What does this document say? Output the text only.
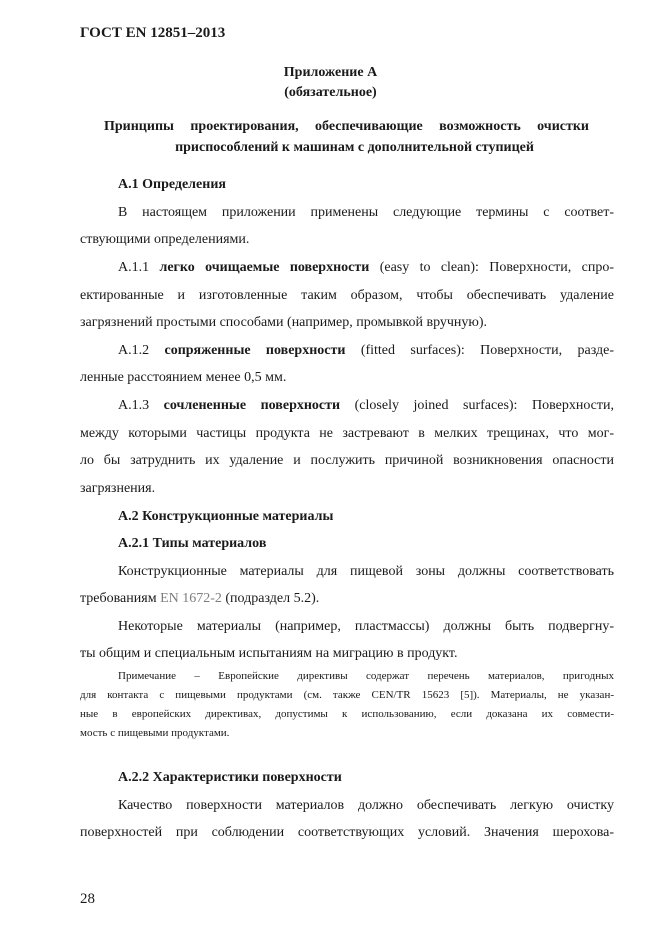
ГОСТ EN 12851–2013
Приложение А
(обязательное)
Принципы проектирования, обеспечивающие возможность очистки
приспособлений к машинам с дополнительной ступицей
А.1 Определения
В настоящем приложении применены следующие термины с соответ-
ствующими определениями.
А.1.1 легко очищаемые поверхности (easy to clean): Поверхности, спро-
ектированные и изготовленные таким образом, чтобы обеспечивать удаление
загрязнений простыми способами (например, промывкой вручную).
А.1.2 сопряженные поверхности (fitted surfaces): Поверхности, разде-
ленные расстоянием менее 0,5 мм.
А.1.3 сочлененные поверхности (closely joined surfaces): Поверхности,
между которыми частицы продукта не застревают в мелких трещинах, что мог-
ло бы затруднить их удаление и послужить причиной возникновения опасности
загрязнения.
А.2 Конструкционные материалы
А.2.1 Типы материалов
Конструкционные материалы для пищевой зоны должны соответствовать
требованиям EN 1672-2 (подраздел 5.2).
Некоторые материалы (например, пластмассы) должны быть подвергну-
ты общим и специальным испытаниям на миграцию в продукт.
Примечание – Европейские директивы содержат перечень материалов, пригодных
для контакта с пищевыми продуктами (см. также CEN/TR 15623 [5]). Материалы, не указан-
ные в европейских директивах, допустимы к использованию, если доказана их совмести-
мость с пищевыми продуктами.
А.2.2 Характеристики поверхности
Качество поверхности материалов должно обеспечивать легкую очистку
поверхностей при соблюдении соответствующих условий. Значения шерохова-
28
